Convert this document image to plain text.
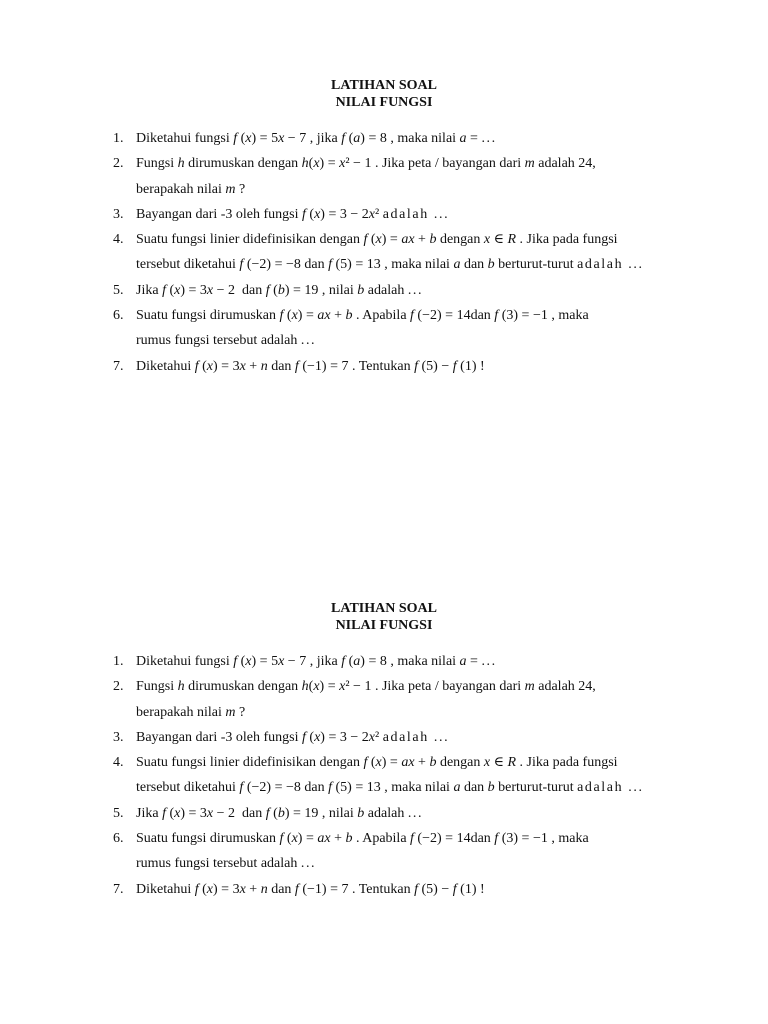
LATIHAN SOAL
NILAI FUNGSI
1. Diketahui fungsi f (x) = 5x − 7 , jika f (a) = 8 , maka nilai a = ...
2. Fungsi h dirumuskan dengan h(x) = x² − 1 . Jika peta / bayangan dari m adalah 24,
berapakah nilai m ?
3. Bayangan dari -3 oleh fungsi f (x) = 3 − 2x² adalah ...
4. Suatu fungsi linier didefinisikan dengan f (x) = ax + b dengan x ∈ R . Jika pada fungsi
tersebut diketahui f (−2) = −8 dan f (5) = 13 , maka nilai a dan b berturut-turut adalah ...
5. Jika f (x) = 3x − 2  dan f (b) = 19 , nilai b adalah ...
6. Suatu fungsi dirumuskan f (x) = ax + b . Apabila f (−2) = 14dan f (3) = −1 , maka
rumus fungsi tersebut adalah ...
7. Diketahui f (x) = 3x + n dan f (−1) = 7 . Tentukan f (5) − f (1) !
LATIHAN SOAL
NILAI FUNGSI
1. Diketahui fungsi f (x) = 5x − 7 , jika f (a) = 8 , maka nilai a = ...
2. Fungsi h dirumuskan dengan h(x) = x² − 1 . Jika peta / bayangan dari m adalah 24,
berapakah nilai m ?
3. Bayangan dari -3 oleh fungsi f (x) = 3 − 2x² adalah ...
4. Suatu fungsi linier didefinisikan dengan f (x) = ax + b dengan x ∈ R . Jika pada fungsi
tersebut diketahui f (−2) = −8 dan f (5) = 13 , maka nilai a dan b berturut-turut adalah ...
5. Jika f (x) = 3x − 2  dan f (b) = 19 , nilai b adalah ...
6. Suatu fungsi dirumuskan f (x) = ax + b . Apabila f (−2) = 14dan f (3) = −1 , maka
rumus fungsi tersebut adalah ...
7. Diketahui f (x) = 3x + n dan f (−1) = 7 . Tentukan f (5) − f (1) !
